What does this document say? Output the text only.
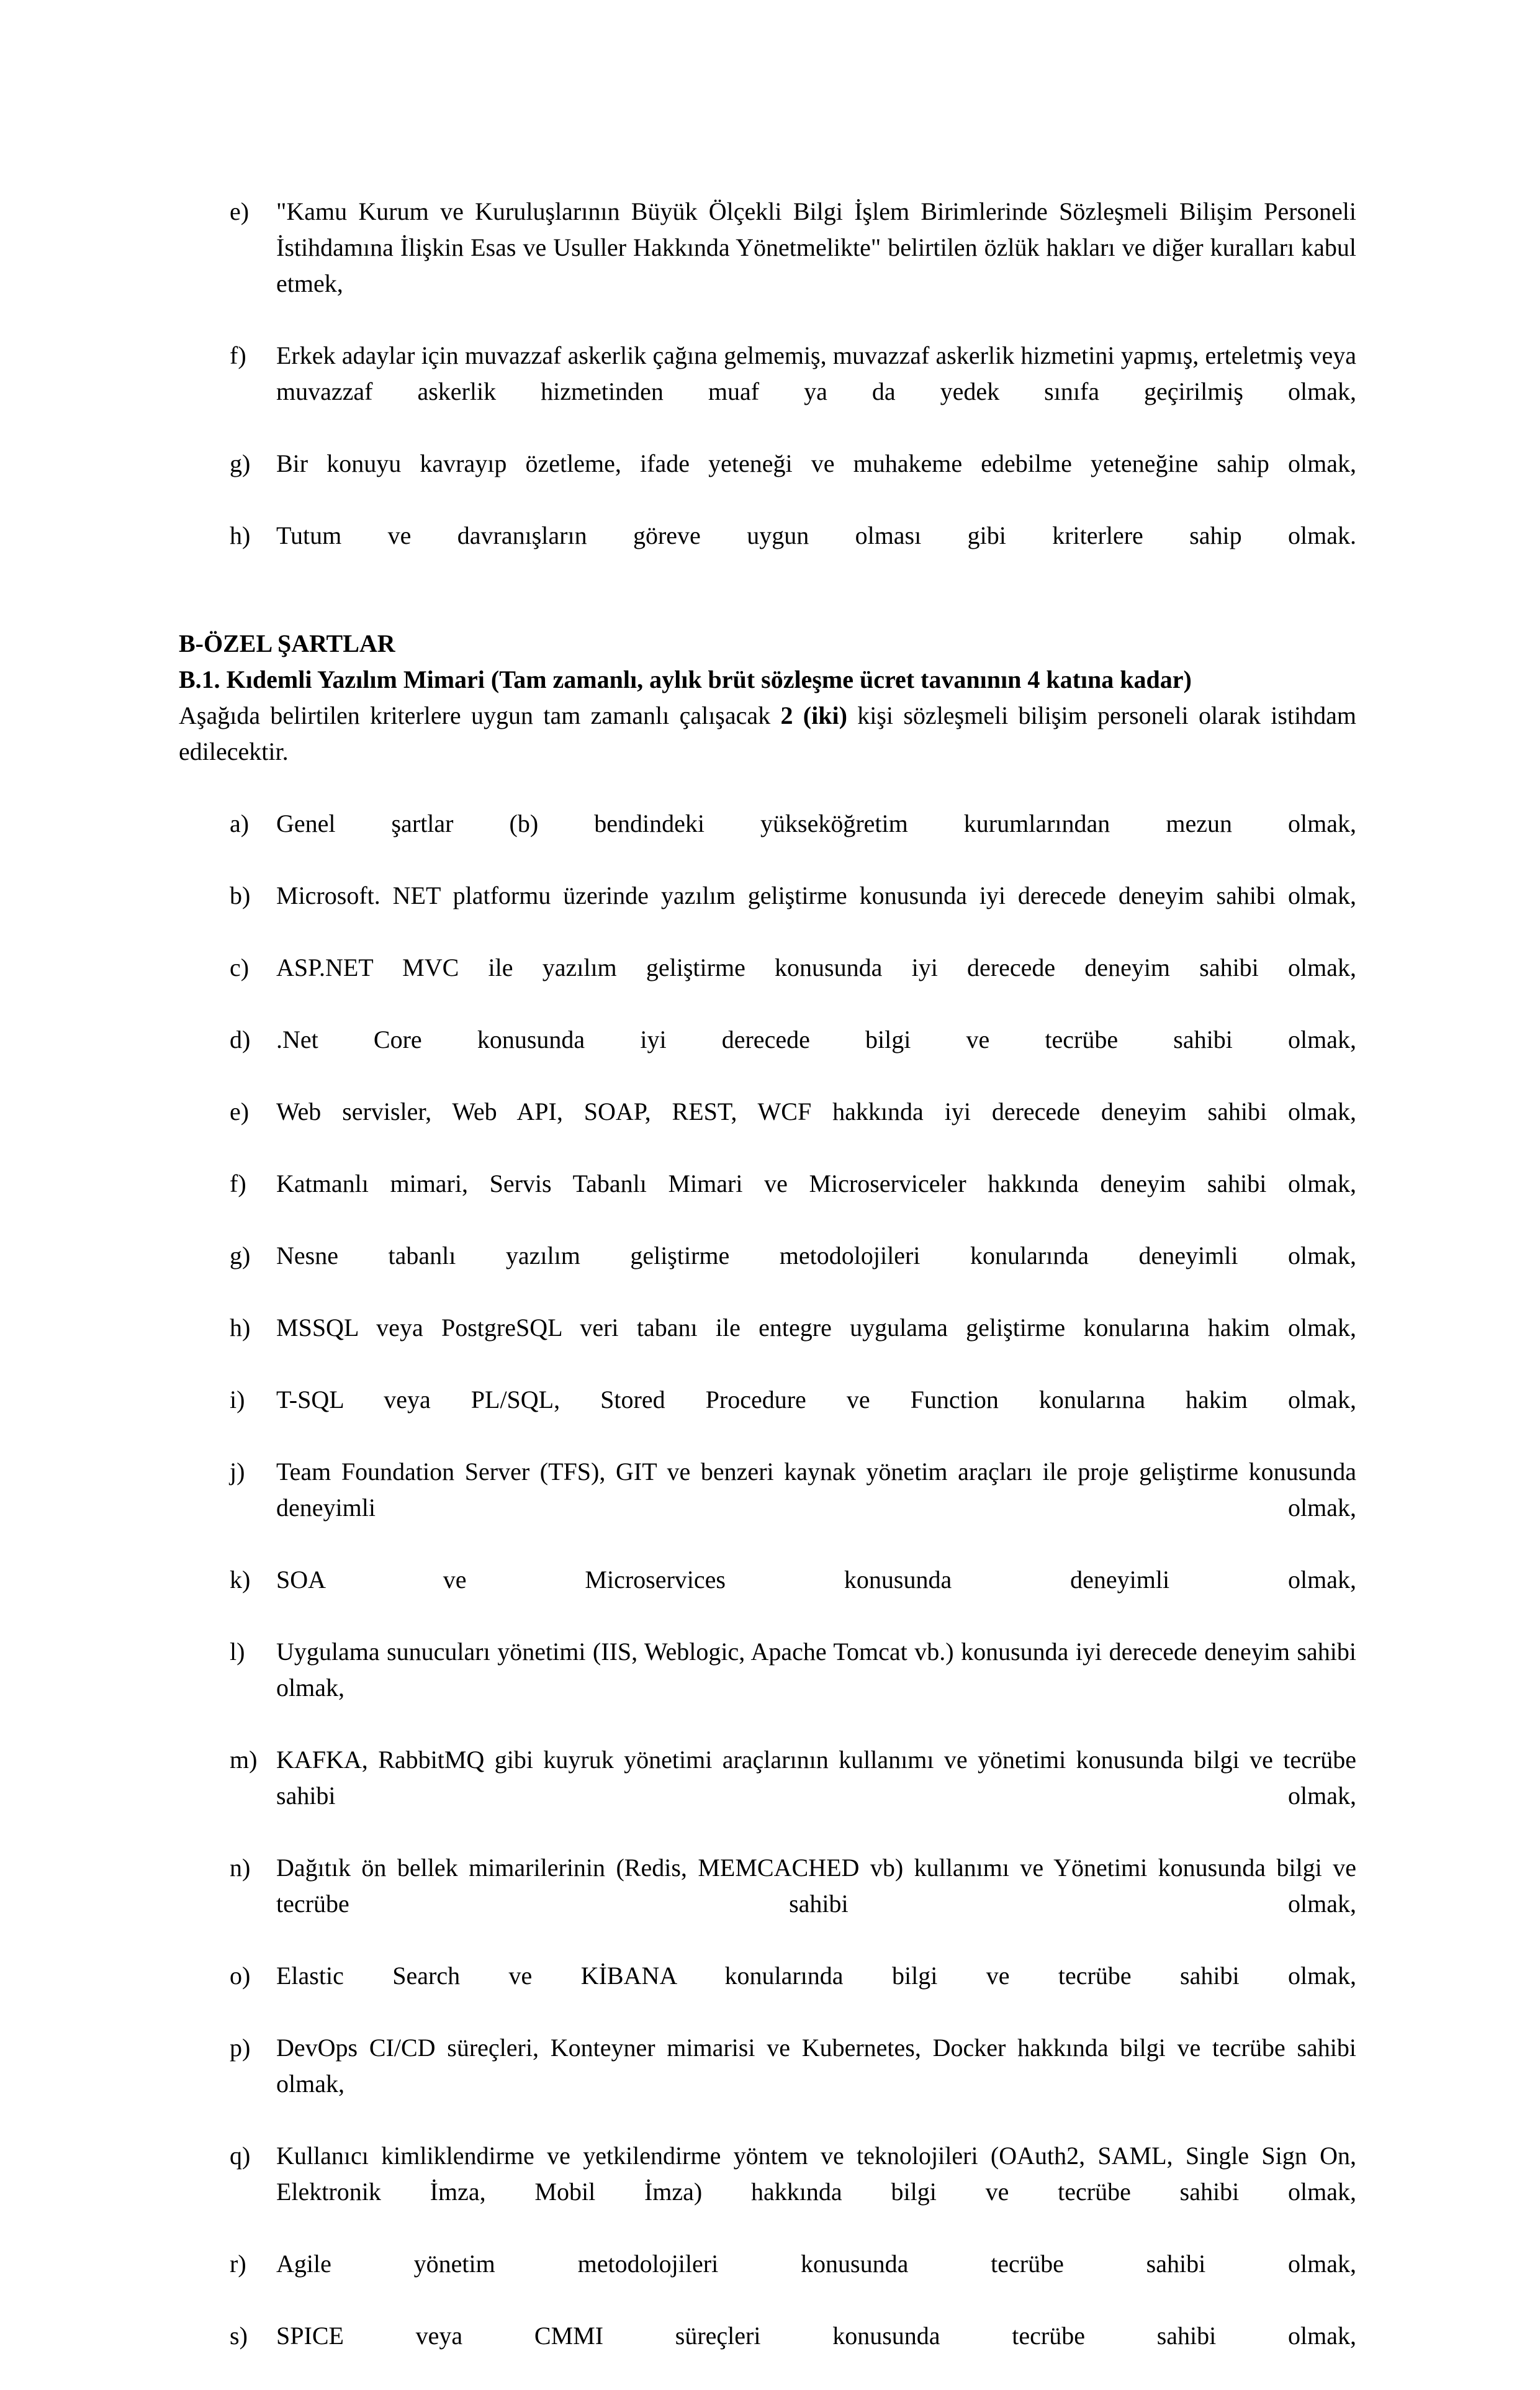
e)	"Kamu Kurum ve Kuruluşlarının Büyük Ölçekli Bilgi İşlem Birimlerinde Sözleşmeli Bilişim Personeli İstihdamına İlişkin Esas ve Usuller Hakkında Yönetmelikte" belirtilen özlük hakları ve diğer kuralları kabul etmek,
f)	Erkek adaylar için muvazzaf askerlik çağına gelmemiş, muvazzaf askerlik hizmetini yapmış, erteletmiş veya muvazzaf askerlik hizmetinden muaf ya da yedek sınıfa geçirilmiş olmak,
g)	Bir konuyu kavrayıp özetleme, ifade yeteneği ve muhakeme edebilme yeteneğine sahip olmak,
h)	Tutum ve davranışların göreve uygun olması gibi kriterlere sahip olmak.
B-ÖZEL ŞARTLAR
B.1. Kıdemli Yazılım Mimari (Tam zamanlı, aylık brüt sözleşme ücret tavanının 4 katına kadar)

Aşağıda belirtilen kriterlere uygun tam zamanlı çalışacak 2 (iki) kişi sözleşmeli bilişim personeli olarak istihdam edilecektir.

a)	Genel şartlar (b) bendindeki yükseköğretim kurumlarından mezun olmak,
b)	Microsoft. NET platformu üzerinde yazılım geliştirme konusunda iyi derecede deneyim sahibi olmak,
c)	ASP.NET MVC ile yazılım geliştirme konusunda iyi derecede deneyim sahibi olmak,
d)	.Net Core konusunda iyi derecede bilgi ve tecrübe sahibi olmak,
e)	Web servisler, Web API, SOAP, REST, WCF hakkında iyi derecede deneyim sahibi olmak,
f)	Katmanlı mimari, Servis Tabanlı Mimari ve Microserviceler hakkında deneyim sahibi olmak,
g)	Nesne tabanlı yazılım geliştirme metodolojileri konularında deneyimli olmak,
h)	MSSQL veya PostgreSQL veri tabanı ile entegre uygulama geliştirme konularına hakim olmak,
i)	T-SQL veya PL/SQL, Stored Procedure ve Function konularına hakim olmak,
j)	Team Foundation Server (TFS), GIT ve benzeri kaynak yönetim araçları ile proje geliştirme konusunda deneyimli olmak,
k)	SOA ve Microservices konusunda deneyimli olmak,
l)	Uygulama sunucuları yönetimi (IIS, Weblogic, Apache Tomcat vb.) konusunda iyi derecede deneyim sahibi olmak,
m) KAFKA, RabbitMQ gibi kuyruk yönetimi araçlarının kullanımı ve yönetimi konusunda bilgi ve tecrübe sahibi olmak,
n)	Dağıtık ön bellek mimarilerinin (Redis, MEMCACHED vb) kullanımı ve Yönetimi konusunda bilgi ve tecrübe sahibi olmak,
o)	Elastic Search ve KİBANA konularında bilgi ve tecrübe sahibi olmak,
p)	DevOps CI/CD süreçleri, Konteyner mimarisi ve Kubernetes, Docker hakkında bilgi ve tecrübe sahibi olmak,
q)	Kullanıcı kimliklendirme ve yetkilendirme yöntem ve teknolojileri (OAuth2, SAML, Single Sign On, Elektronik İmza, Mobil İmza) hakkında bilgi ve tecrübe sahibi olmak,
r)	Agile yönetim metodolojileri konusunda tecrübe sahibi olmak,
s)	SPICE veya CMMI süreçleri konusunda tecrübe sahibi olmak,
